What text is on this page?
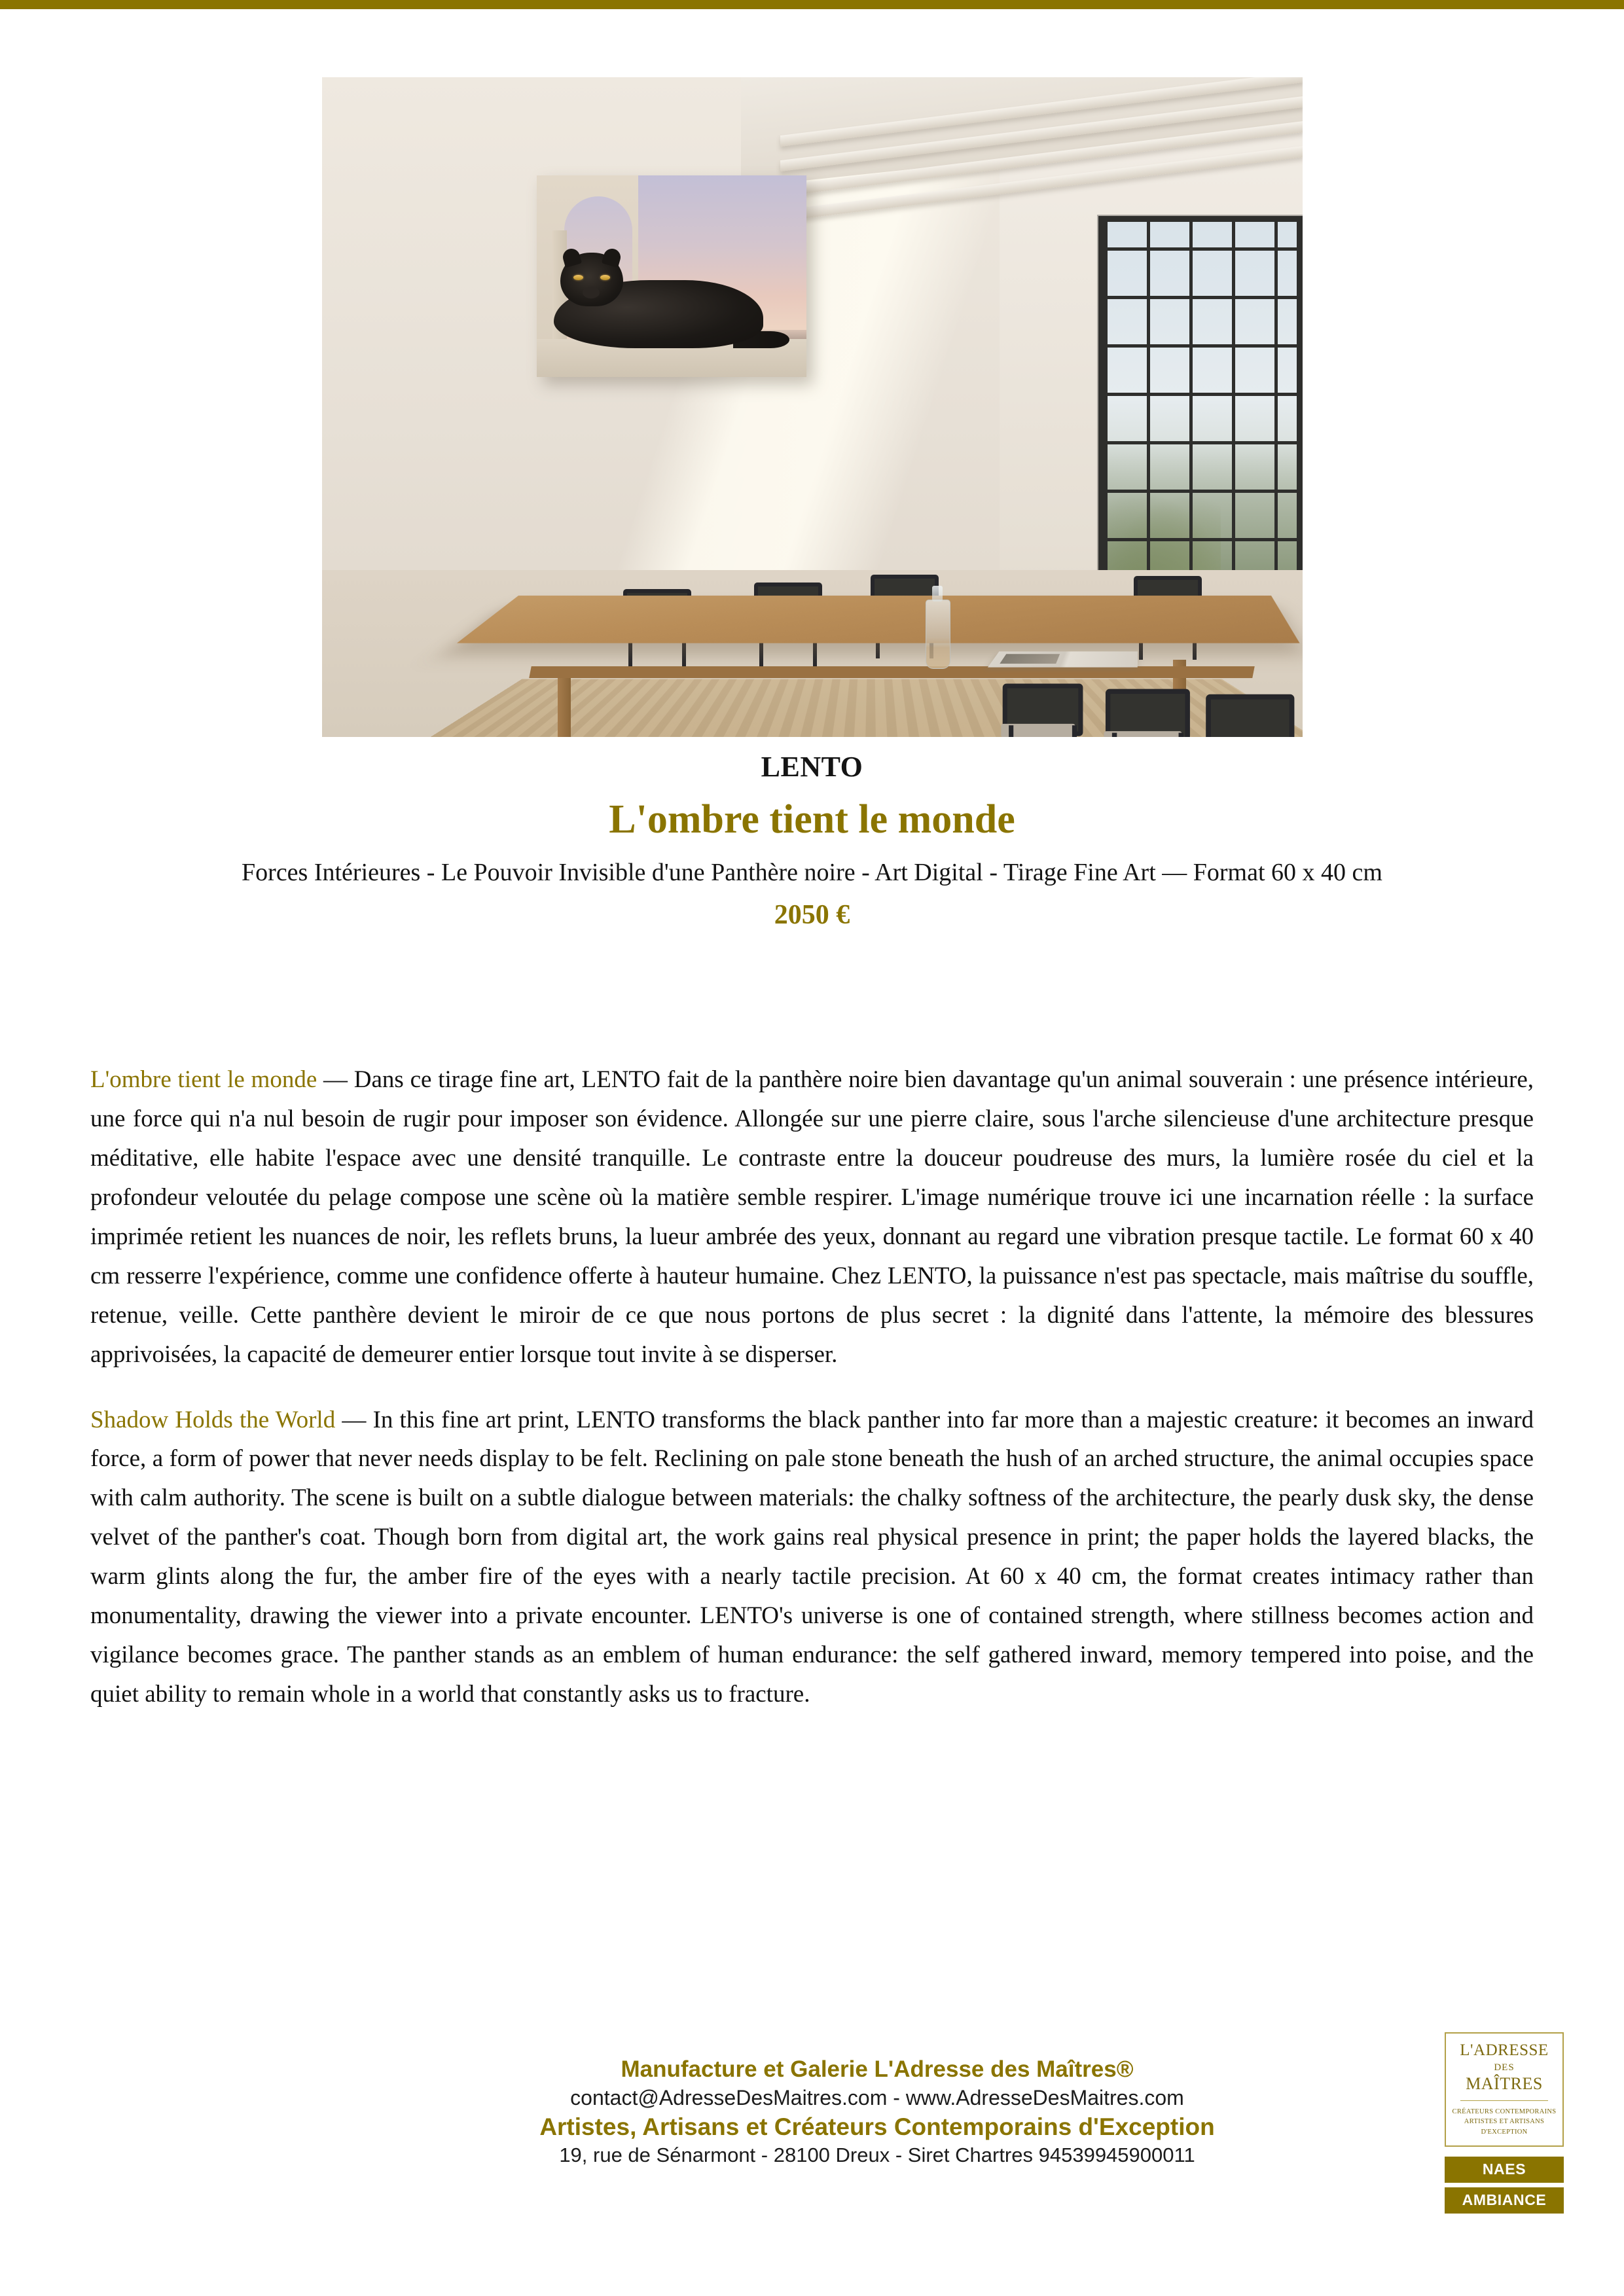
LENTO

L'ombre tient le monde

Forces Intérieures - Le Pouvoir Invisible d'une Panthère noire - Art Digital - Tirage Fine Art — Format 60 x 40 cm

2050 €

L'ombre tient le monde — Dans ce tirage fine art, LENTO fait de la panthère noire bien davantage qu'un animal souverain : une présence intérieure, une force qui n'a nul besoin de rugir pour imposer son évidence. Allongée sur une pierre claire, sous l'arche silencieuse d'une architecture presque méditative, elle habite l'espace avec une densité tranquille. Le contraste entre la douceur poudreuse des murs, la lumière rosée du ciel et la profondeur veloutée du pelage compose une scène où la matière semble respirer. L'image numérique trouve ici une incarnation réelle : la surface imprimée retient les nuances de noir, les reflets bruns, la lueur ambrée des yeux, donnant au regard une vibration presque tactile. Le format 60 x 40 cm resserre l'expérience, comme une confidence offerte à hauteur humaine. Chez LENTO, la puissance n'est pas spectacle, mais maîtrise du souffle, retenue, veille. Cette panthère devient le miroir de ce que nous portons de plus secret : la dignité dans l'attente, la mémoire des blessures apprivoisées, la capacité de demeurer entier lorsque tout invite à se disperser.

Shadow Holds the World — In this fine art print, LENTO transforms the black panther into far more than a majestic creature: it becomes an inward force, a form of power that never needs display to be felt. Reclining on pale stone beneath the hush of an arched structure, the animal occupies space with calm authority. The scene is built on a subtle dialogue between materials: the chalky softness of the architecture, the pearly dusk sky, the dense velvet of the panther's coat. Though born from digital art, the work gains real physical presence in print; the paper holds the layered blacks, the warm glints along the fur, the amber fire of the eyes with a nearly tactile precision. At 60 x 40 cm, the format creates intimacy rather than monumentality, drawing the viewer into a private encounter. LENTO's universe is one of contained strength, where stillness becomes action and vigilance becomes grace. The panther stands as an emblem of human endurance: the self gathered inward, memory tempered into poise, and the quiet ability to remain whole in a world that constantly asks us to fracture.

Manufacture et Galerie L'Adresse des Maîtres®

contact@AdresseDesMaitres.com - www.AdresseDesMaitres.com

Artistes, Artisans et Créateurs Contemporains d'Exception

19, rue de Sénarmont - 28100 Dreux - Siret Chartres 94539945900011

L'ADRESSE
DES
MAÎTRES
CRÉATEURS CONTEMPORAINS
ARTISTES ET ARTISANS
D'EXCEPTION
NAES
AMBIANCE
